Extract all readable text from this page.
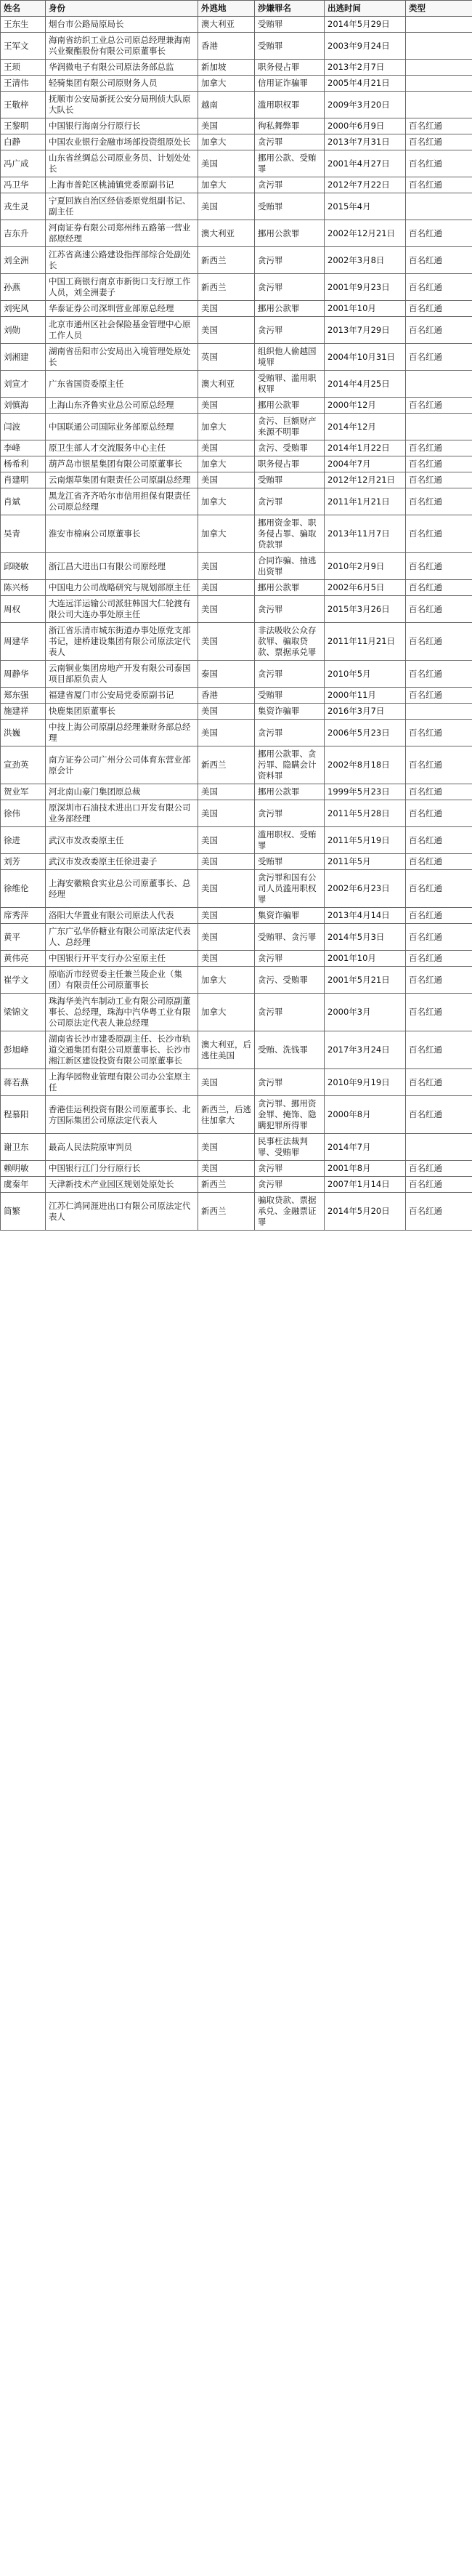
姓名	身份	外逃地	涉嫌罪名	出逃时间	类型
王东生	烟台市公路局原局长	澳大利亚	受贿罪	2014年5月29日	
王军文	海南省纺织工业总公司原总经理兼海南兴业聚酯股份有限公司原董事长	香港	受贿罪	2003年9月24日	
王顼	华润微电子有限公司原法务部总监	新加坡	职务侵占罪	2013年2月7日	
王清伟	轻骑集团有限公司原财务人员	加拿大	信用证诈骗罪	2005年4月21日	
王敬梓	抚顺市公安局新抚公安分局刑侦大队原大队长	越南	滥用职权罪	2009年3月20日	
王黎明	中国银行海南分行原行长	美国	徇私舞弊罪	2000年6月9日	百名红通
白静	中国农业银行金融市场部投资组原处长	加拿大	贪污罪	2013年7月31日	百名红通
冯广成	山东省丝绸总公司原业务员、计划处处长	美国	挪用公款、受贿罪	2001年4月27日	百名红通
冯卫华	上海市普陀区桃浦镇党委原副书记	加拿大	贪污罪	2012年7月22日	百名红通
戎生灵	宁夏回族自治区经信委原党组副书记、副主任	美国	受贿罪	2015年4月	
吉东升	河南证券有限公司郑州纬五路第一营业部原经理	澳大利亚	挪用公款罪	2002年12月21日	百名红通
刘全洲	江苏省高速公路建设指挥部综合处副处长	新西兰	贪污罪	2002年3月8日	百名红通
孙燕	中国工商银行南京市新街口支行原工作人员，刘全洲妻子	新西兰	贪污罪	2001年9月23日	百名红通
刘宪风	华泰证券公司深圳营业部原总经理	美国	挪用公款罪	2001年10月	百名红通
刘勋	北京市通州区社会保险基金管理中心原工作人员	美国	贪污罪	2013年7月29日	百名红通
刘湘建	湖南省岳阳市公安局出入境管理处原处长	英国	组织他人偷越国境罪	2004年10月31日	百名红通
刘宣才	广东省国资委原主任	澳大利亚	受贿罪、滥用职权罪	2014年4月25日	
刘慎海	上海山东齐鲁实业总公司原总经理	美国	挪用公款罪	2000年12月	百名红通
闫波	中国联通公司国际业务部原总经理	加拿大	贪污、巨额财产来源不明罪	2014年12月	
李峰	原卫生部人才交流服务中心主任	美国	贪污、受贿罪	2014年1月22日	百名红通
杨希利	葫芦岛市银星集团有限公司原董事长	加拿大	职务侵占罪	2004年7月	百名红通
肖建明	云南烟草集团有限责任公司原副总经理	美国	受贿罪	2012年12月21日	百名红通
肖斌	黑龙江省齐齐哈尔市信用担保有限责任公司原总经理	加拿大	贪污罪	2011年1月21日	百名红通
吴青	淮安市棉麻公司原董事长	加拿大	挪用资金罪、职务侵占罪、骗取贷款罪	2013年11月7日	百名红通
邱晓敏	浙江昌大进出口有限公司原经理	美国	合同诈骗、抽逃出资罪	2010年2月9日	百名红通
陈兴杨	中国电力公司战略研究与规划部原主任	美国	挪用公款罪	2002年6月5日	百名红通
周权	大连远洋运输公司派驻韩国大仁轮渡有限公司大连办事处原主任	美国	贪污罪	2015年3月26日	百名红通
周建华	浙江省乐清市城东街道办事处原党支部书记，建桥建设集团有限公司原法定代表人	美国	非法吸收公众存款罪、骗取贷款、票据承兑罪	2011年11月21日	百名红通
周静华	云南铜业集团房地产开发有限公司泰国项目部原负责人	泰国	贪污罪	2010年5月	百名红通
郑东强	福建省厦门市公安局党委原副书记	香港	受贿罪	2000年11月	百名红通
施建祥	快鹿集团原董事长	美国	集资诈骗罪	2016年3月7日	
洪巍	中技上海公司原副总经理兼财务部总经理	美国	贪污罪	2006年5月23日	百名红通
宣劲英	南方证券公司广州分公司体育东营业部原会计	新西兰	挪用公款罪、贪污罪、隐瞒会计资料罪	2002年8月18日	百名红通
贺业军	河北南山豪门集团原总裁	美国	挪用公款罪	1999年5月23日	百名红通
徐伟	原深圳市石油技术进出口开发有限公司业务部经理	美国	贪污罪	2011年5月28日	百名红通
徐进	武汉市发改委原主任	美国	滥用职权、受贿罪	2011年5月19日	百名红通
刘芳	武汉市发改委原主任徐进妻子	美国	受贿罪	2011年5月	百名红通
徐维伦	上海安徽粮食实业总公司原董事长、总经理	美国	贪污罪和国有公司人员滥用职权罪	2002年6月23日	百名红通
席秀萍	洛阳大华置业有限公司原法人代表	美国	集资诈骗罪	2013年4月14日	百名红通
黄平	广东广弘华侨糖业有限公司原法定代表人、总经理	美国	受贿罪、贪污罪	2014年5月3日	百名红通
黄伟亮	中国银行开平支行办公室原主任	美国	贪污罪	2001年10月	百名红通
崔学文	原临沂市经贸委主任兼兰陵企业（集团）有限责任公司原董事长	加拿大	贪污、受贿罪	2001年5月21日	百名红通
梁锦文	珠海华美汽车制动工业有限公司原副董事长、总经理，珠海中汽华粤工业有限公司原法定代表人兼总经理	加拿大	贪污罪	2000年3月	百名红通
彭旭峰	湖南省长沙市建委原副主任、长沙市轨道交通集团有限公司原董事长、长沙市湘江新区建设投资有限公司原董事长	澳大利亚，后逃往美国	受贿、洗钱罪	2017年3月24日	百名红通
蒋若燕	上海华园物业管理有限公司办公室原主任	美国	贪污罪	2010年9月19日	百名红通
程慕阳	香港佳运利投资有限公司原董事长、北方国际集团公司原法定代表人	新西兰，后逃往加拿大	贪污罪、挪用资金罪、掩饰、隐瞒犯罪所得罪	2000年8月	百名红通
谢卫东	最高人民法院原审判员	美国	民事枉法裁判罪、受贿罪	2014年7月	
赖明敏	中国银行江门分行原行长	美国	贪污罪	2001年8月	百名红通
虞秦年	天津新技术产业园区规划处原处长	新西兰	贪污罪	2007年1月14日	百名红通
简繁	江苏仁鸿同涯进出口有限公司原法定代表人	新西兰	骗取贷款、票据承兑、金融票证罪	2014年5月20日	百名红通
